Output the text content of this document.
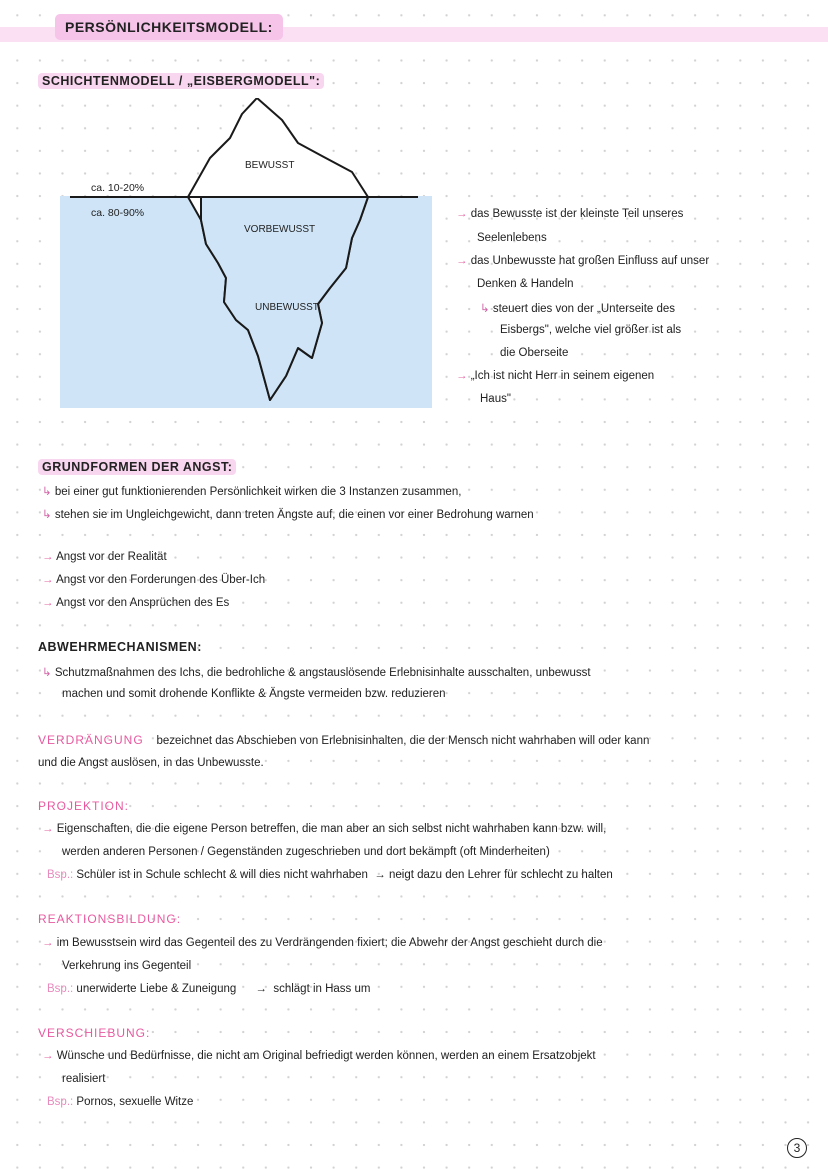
PERSÖNLICHKEITSMODELL:
SCHICHTENMODELL / „EISBERGMODELL":
ca. 10-20%
ca. 80-90%
BEWUSST
VORBEWUSST
UNBEWUSST
→ das Bewusste ist der kleinste Teil unseres
Seelenlebens
→ das Unbewusste hat großen Einfluss auf unser
Denken & Handeln
↳ steuert dies von der „Unterseite des
Eisbergs", welche viel größer ist als
die Oberseite
→ „Ich ist nicht Herr in seinem eigenen
Haus"
GRUNDFORMEN DER ANGST:
↳ bei einer gut funktionierenden Persönlichkeit wirken die 3 Instanzen zusammen,
↳ stehen sie im Ungleichgewicht, dann treten Ängste auf, die einen vor einer Bedrohung warnen
→ Angst vor der Realität
→ Angst vor den Forderungen des Über-Ich
→ Angst vor den Ansprüchen des Es
ABWEHRMECHANISMEN:
↳ Schutzmaßnahmen des Ichs, die bedrohliche & angstauslösende Erlebnisinhalte ausschalten, unbewusst
machen und somit drohende Konflikte & Ängste vermeiden bzw. reduzieren
VERDRÄNGUNG bezeichnet das Abschieben von Erlebnisinhalten, die der Mensch nicht wahrhaben will oder kann
und die Angst auslösen, in das Unbewusste.
PROJEKTION:
→ Eigenschaften, die die eigene Person betreffen, die man aber an sich selbst nicht wahrhaben kann bzw. will,
werden anderen Personen / Gegenständen zugeschrieben und dort bekämpft (oft Minderheiten)
Bsp.: Schüler ist in Schule schlecht & will dies nicht wahrhaben  → neigt dazu den Lehrer für schlecht zu halten
REAKTIONSBILDUNG:
→ im Bewusstsein wird das Gegenteil des zu Verdrängenden fixiert; die Abwehr der Angst geschieht durch die
Verkehrung ins Gegenteil
Bsp.: unerwiderte Liebe & Zuneigung      →  schlägt in Hass um
VERSCHIEBUNG:
→ Wünsche und Bedürfnisse, die nicht am Original befriedigt werden können, werden an einem Ersatzobjekt
realisiert
Bsp.: Pornos, sexuelle Witze
3
